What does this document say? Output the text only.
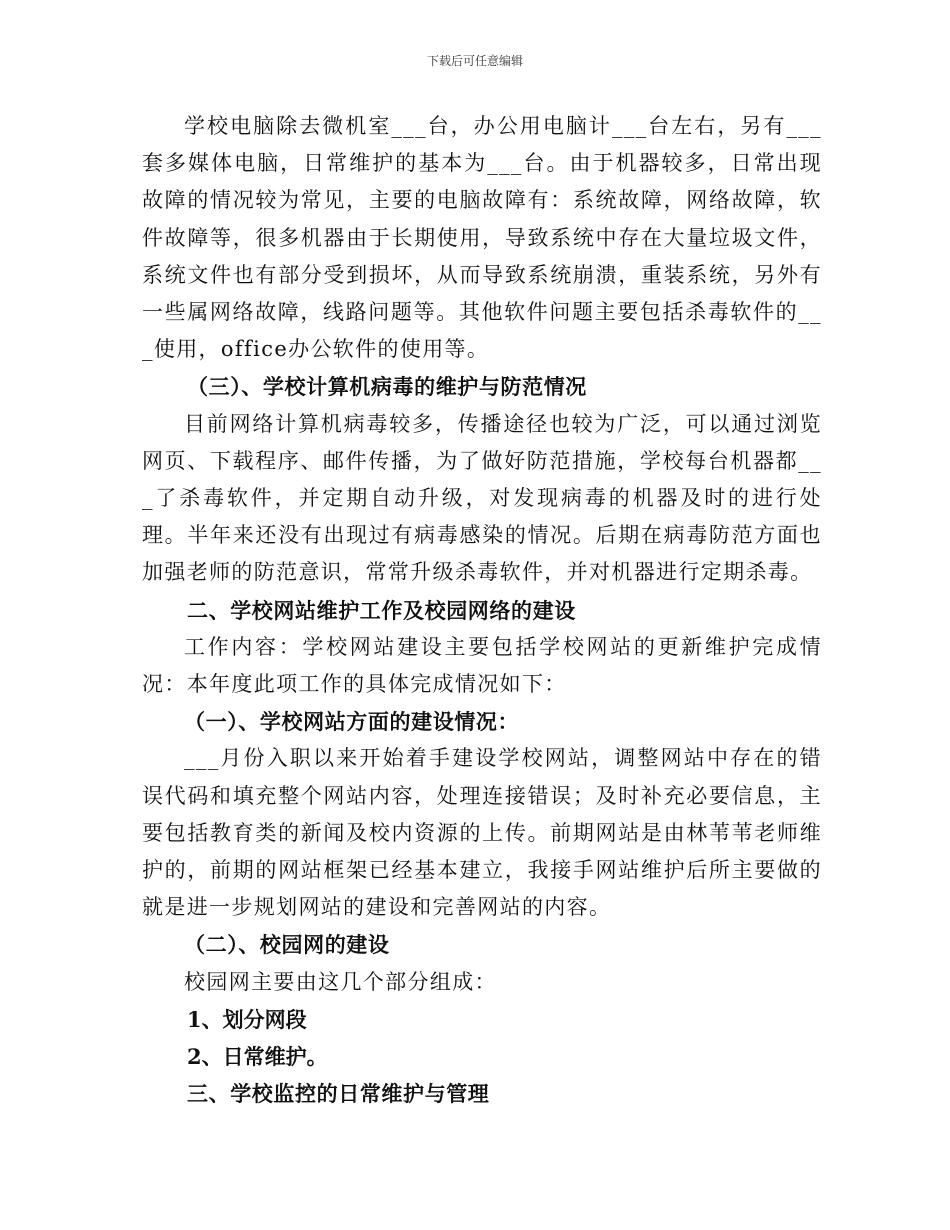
下载后可任意编辑

学校电脑除去微机室___台，办公用电脑计___台左右，另有___套多媒体电脑，日常维护的基本为___台。由于机器较多，日常出现故障的情况较为常见，主要的电脑故障有：系统故障，网络故障，软件故障等，很多机器由于长期使用，导致系统中存在大量垃圾文件，系统文件也有部分受到损坏，从而导致系统崩溃，重装系统，另外有一些属网络故障，线路问题等。其他软件问题主要包括杀毒软件的___使用，office办公软件的使用等。

（三）、学校计算机病毒的维护与防范情况

目前网络计算机病毒较多，传播途径也较为广泛，可以通过浏览网页、下载程序、邮件传播，为了做好防范措施，学校每台机器都___了杀毒软件，并定期自动升级，对发现病毒的机器及时的进行处理。半年来还没有出现过有病毒感染的情况。后期在病毒防范方面也加强老师的防范意识，常常升级杀毒软件，并对机器进行定期杀毒。

二、学校网站维护工作及校园网络的建设

工作内容：学校网站建设主要包括学校网站的更新维护完成情况：本年度此项工作的具体完成情况如下：

（一）、学校网站方面的建设情况：

___月份入职以来开始着手建设学校网站，调整网站中存在的错误代码和填充整个网站内容，处理连接错误；及时补充必要信息，主要包括教育类的新闻及校内资源的上传。前期网站是由林苇苇老师维护的，前期的网站框架已经基本建立，我接手网站维护后所主要做的就是进一步规划网站的建设和完善网站的内容。

（二）、校园网的建设

校园网主要由这几个部分组成：

1、划分网段

2、日常维护。

三、学校监控的日常维护与管理
